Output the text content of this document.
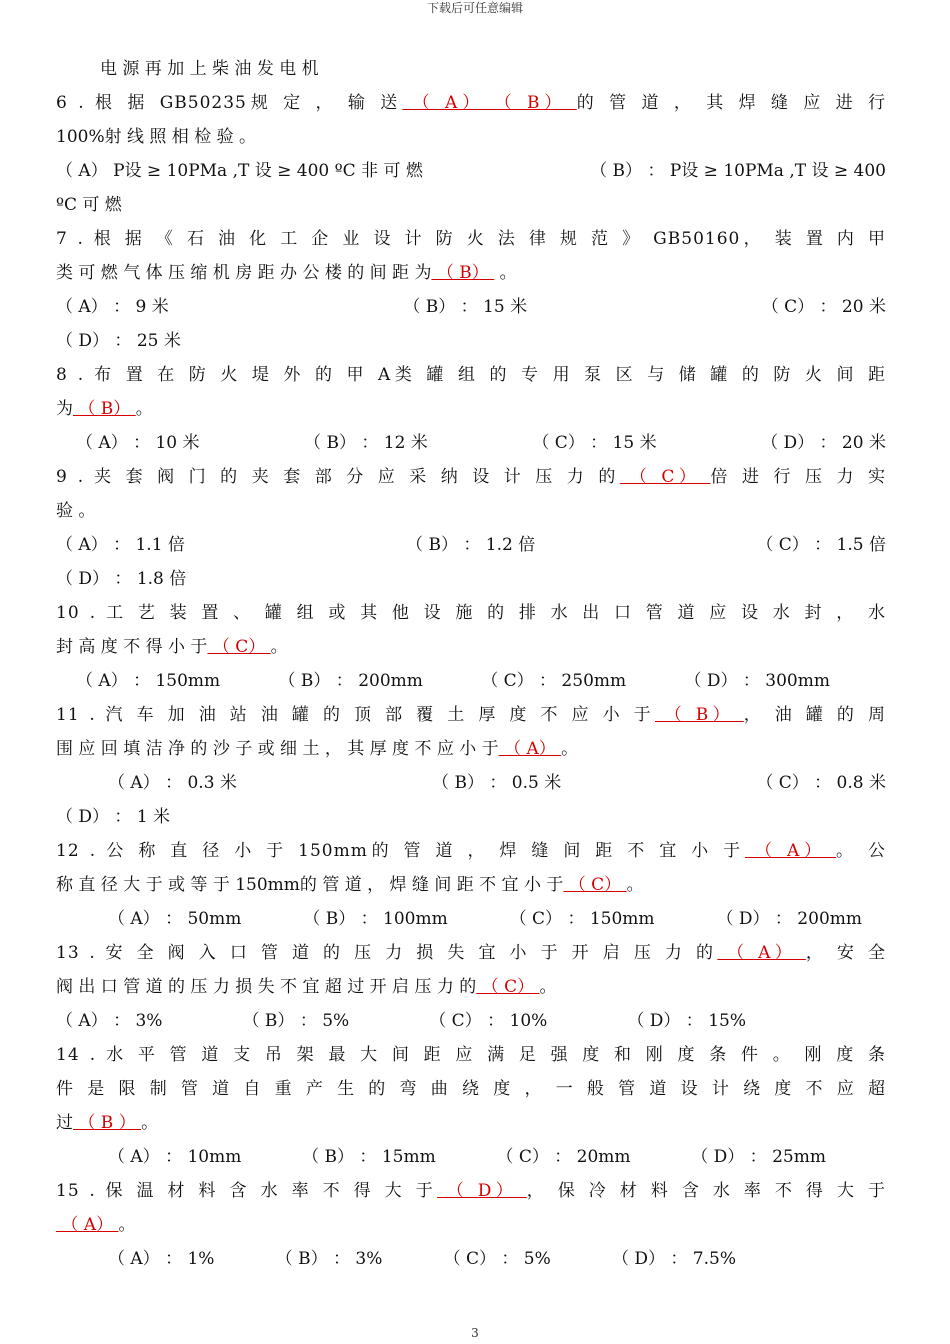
下载后可任意编辑
电 源 再 加 上 柴 油 发 电 机
6 . 根 据 GB50235规 定 ， 输 送 （ A） （ B） 的 管 道 ， 其 焊 缝 应 进 行
100%射 线 照 相 检 验 。
（ A） P设 ≥ 10PMa ,T 设 ≥ 400 ºC 非 可 燃	（ B） ： P设 ≥ 10PMa ,T 设 ≥ 400
ºC 可 燃
7 . 根 据 《 石 油 化 工 企 业 设 计 防 火 法 律 规 范 》 GB50160， 装 置 内 甲
类 可 燃 气 体 压 缩 机 房 距 办 公 楼 的 间 距 为 （ B）  。
（ A） ： 9 米	（ B） ： 15 米	（ C） ： 20 米
（ D） ： 25 米
8 . 布 置 在 防 火 堤 外 的 甲 A类 罐 组 的 专 用 泵 区 与 储 罐 的 防 火 间 距
为 （ B） 。
（ A） ： 10 米	（ B） ： 12 米	（ C） ： 15 米	（ D） ： 20 米
9 . 夹 套 阀 门 的 夹 套 部 分 应 采 纳 设 计 压 力 的 （ C） 倍 进 行 压 力 实
验 。
（ A） ： 1.1 倍	（ B） ： 1.2 倍	（ C） ： 1.5 倍
（ D） ： 1.8 倍
10 . 工 艺 装 置 、 罐 组 或 其 他 设 施 的 排 水 出 口 管 道 应 设 水 封 ， 水
封 高 度 不 得 小 于 （ C） 。
（ A） ： 150mm	（ B） ： 200mm	（ C） ： 250mm	（ D） ： 300mm
11 . 汽 车 加 油 站 油 罐 的 顶 部 覆 土 厚 度 不 应 小 于 （ B） ， 油 罐 的 周
围 应 回 填 洁 净 的 沙 子 或 细 土 ， 其 厚 度 不 应 小 于 （ A） 。
（ A） ： 0.3 米	（ B） ： 0.5 米	（ C） ： 0.8 米
（ D） ： 1 米
12 . 公 称 直 径 小 于 150mm的 管 道 ， 焊 缝 间 距 不 宜 小 于 （ A） 。 公
称 直 径 大 于 或 等 于 150mm的 管 道 ， 焊 缝 间 距 不 宜 小 于 （ C） 。
（ A） ： 50mm	（ B） ： 100mm	（ C） ： 150mm	（ D） ： 200mm
13 . 安 全 阀 入 口 管 道 的 压 力 损 失 宜 小 于 开 启 压 力 的 （ A） ， 安 全
阀 出 口 管 道 的 压 力 损 失 不 宜 超 过 开 启 压 力 的 （ C） 。
（ A） ： 3%	（ B） ： 5%	（ C） ： 10%	（ D） ： 15%
14 . 水 平 管 道 支 吊 架 最 大 间 距 应 满 足 强 度 和 刚 度 条 件 。 刚 度 条
件 是 限 制 管 道 自 重 产 生 的 弯 曲 绕 度 ， 一 般 管 道 设 计 绕 度 不 应 超
过 （ B ） 。
（ A） ： 10mm	（ B） ： 15mm	（ C） ： 20mm	（ D） ： 25mm
15 . 保 温 材 料 含 水 率 不 得 大 于 （ D） ， 保 冷 材 料 含 水 率 不 得 大 于
（ A） 。
（ A） ： 1%	（ B） ： 3%	（ C） ： 5%	（ D） ： 7.5%
3
